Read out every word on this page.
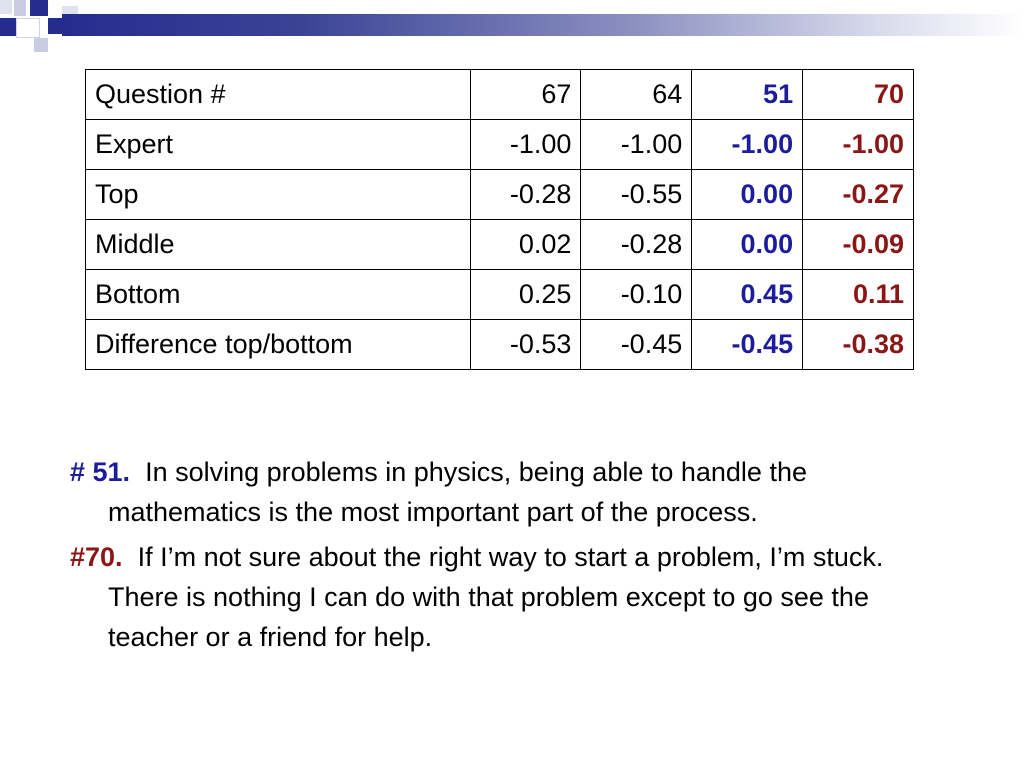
Question #	67	64	51	70
Expert	-1.00	-1.00	-1.00	-1.00
Top	-0.28	-0.55	0.00	-0.27
Middle	0.02	-0.28	0.00	-0.09
Bottom	0.25	-0.10	0.45	0.11
Difference top/bottom	-0.53	-0.45	-0.45	-0.38

# 51. In solving problems in physics, being able to handle the mathematics is the most important part of the process.

#70. If I’m not sure about the right way to start a problem, I’m stuck. There is nothing I can do with that problem except to go see the teacher or a friend for help.
